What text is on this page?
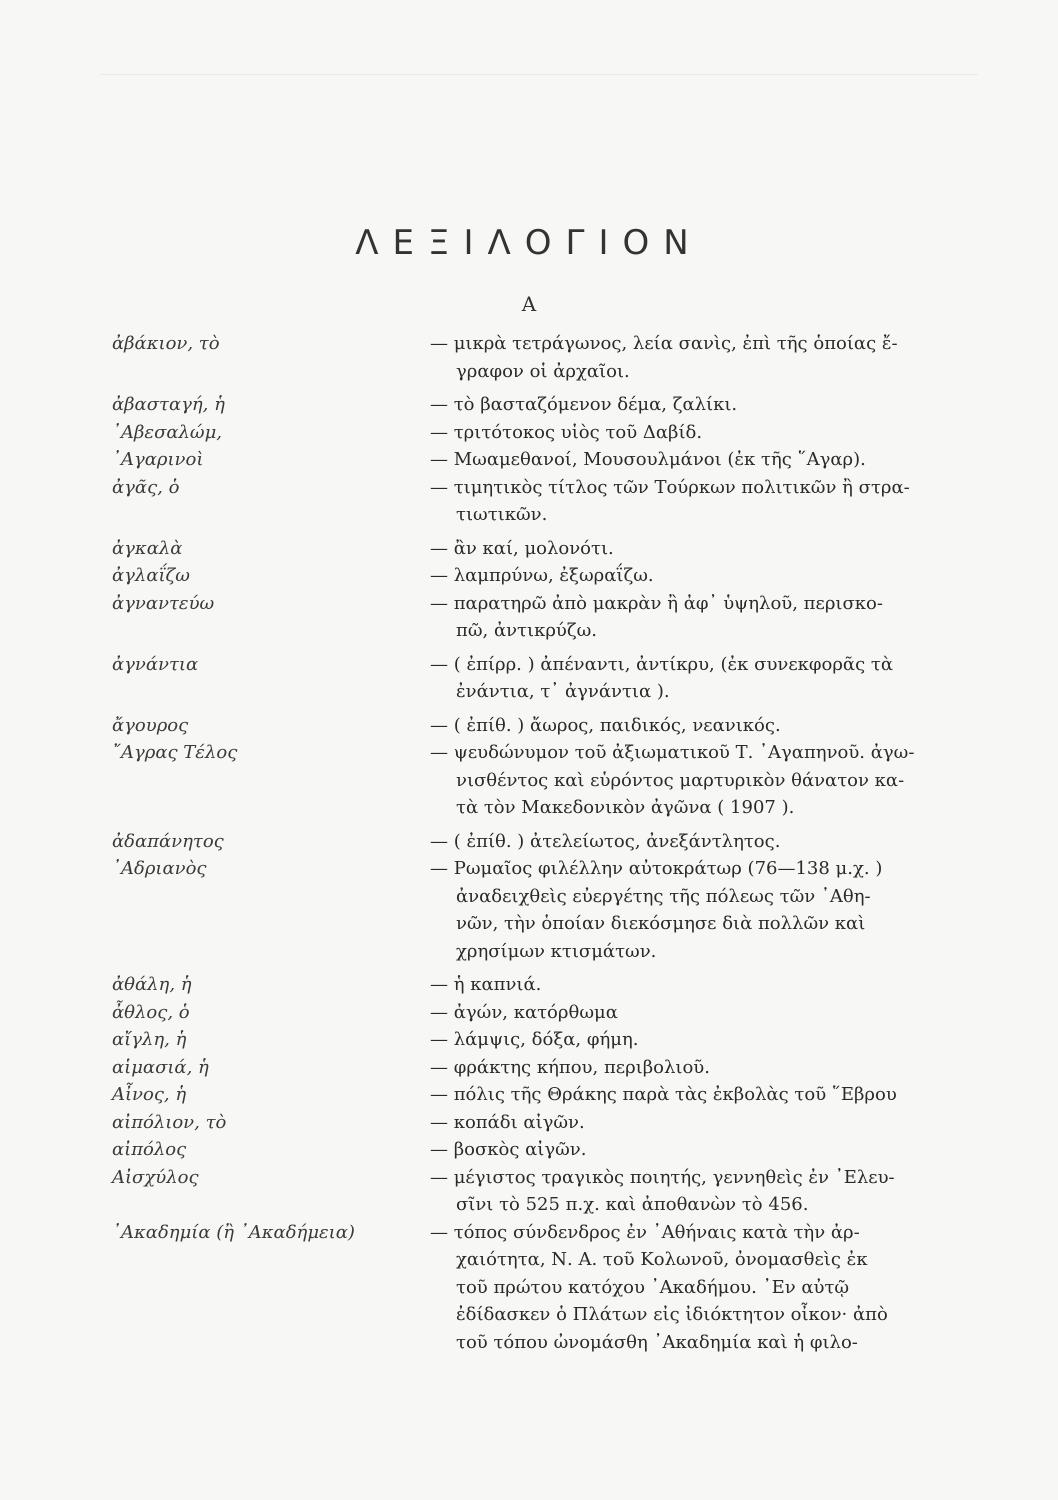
ΛΕΞΙΛΟΓΙΟΝ
Α
ἀβάκιον, τὸ	— μικρὰ τετράγωνος, λεία σανὶς, ἐπὶ τῆς ὁποίας ἔ-
γραφον οἱ ἀρχαῖοι.
ἀβασταγή, ἡ	— τὸ βασταζόμενον δέμα, ζαλίκι.
᾿Αβεσαλώμ,	— τριτότοκος υἱὸς τοῦ Δαβίδ.
᾿Αγαρινοὶ	— Μωαμεθανοί, Μουσουλμάνοι (ἐκ τῆς ῞Αγαρ).
ἀγᾶς, ὁ	— τιμητικὸς τίτλος τῶν Τούρκων πολιτικῶν ἢ στρα-
τιωτικῶν.
ἀγκαλὰ	— ἂν καί, μολονότι.
ἀγλαΐζω	— λαμπρύνω, ἐξωραΐζω.
ἀγναντεύω	— παρατηρῶ ἀπὸ μακρὰν ἢ ἀφ᾿ ὑψηλοῦ, περισκο-
πῶ, ἀντικρύζω.
ἀγνάντια	— ( ἐπίρρ. ) ἀπέναντι, ἀντίκρυ, (ἐκ συνεκφορᾶς τὰ
ἐνάντια, τ᾿ ἀγνάντια ).
ἄγουρος	— ( ἐπίθ. ) ἄωρος, παιδικός, νεανικός.
῎Αγρας Τέλος	— ψευδώνυμον τοῦ ἀξιωματικοῦ Τ. ᾿Αγαπηνοῦ. ἀγω-
νισθέντος καὶ εὑρόντος μαρτυρικὸν θάνατον κα-
τὰ τὸν Μακεδονικὸν ἀγῶνα ( 1907 ).
ἀδαπάνητος	— ( ἐπίθ. ) ἀτελείωτος, ἀνεξάντλητος.
᾿Αδριανὸς	— Ρωμαῖος φιλέλλην αὐτοκράτωρ (76—138 μ.χ. )
ἀναδειχθεὶς εὐεργέτης τῆς πόλεως τῶν ᾿Αθη-
νῶν, τὴν ὁποίαν διεκόσμησε διὰ πολλῶν καὶ
χρησίμων κτισμάτων.
ἀθάλη, ἡ	— ἡ καπνιά.
ἆθλος, ὁ	— ἀγών, κατόρθωμα
αἴγλη, ἡ	— λάμψις, δόξα, φήμη.
αἱμασιά, ἡ	— φράκτης κήπου, περιβολιοῦ.
Αἶνος, ἡ	— πόλις τῆς Θράκης παρὰ τὰς ἐκβολὰς τοῦ ῞Εβρου
αἰπόλιον, τὸ	— κοπάδι αἰγῶν.
αἰπόλος	— βοσκὸς αἰγῶν.
Αἰσχύλος	— μέγιστος τραγικὸς ποιητής, γεννηθεὶς ἐν ᾿Ελευ-
σῖνι τὸ 525 π.χ. καὶ ἀποθανὼν τὸ 456.
᾿Ακαδημία (ἢ ᾿Ακαδήμεια)	— τόπος σύνδενδρος ἐν ᾿Αθήναις κατὰ τὴν ἀρ-
χαιότητα, Ν. Α. τοῦ Κολωνοῦ, ὀνομασθεὶς ἐκ
τοῦ πρώτου κατόχου ᾿Ακαδήμου. ᾿Εν αὐτῷ
ἐδίδασκεν ὁ Πλάτων εἰς ἰδιόκτητον οἶκον· ἀπὸ
τοῦ τόπου ὠνομάσθη ᾿Ακαδημία καὶ ἡ φιλο-
